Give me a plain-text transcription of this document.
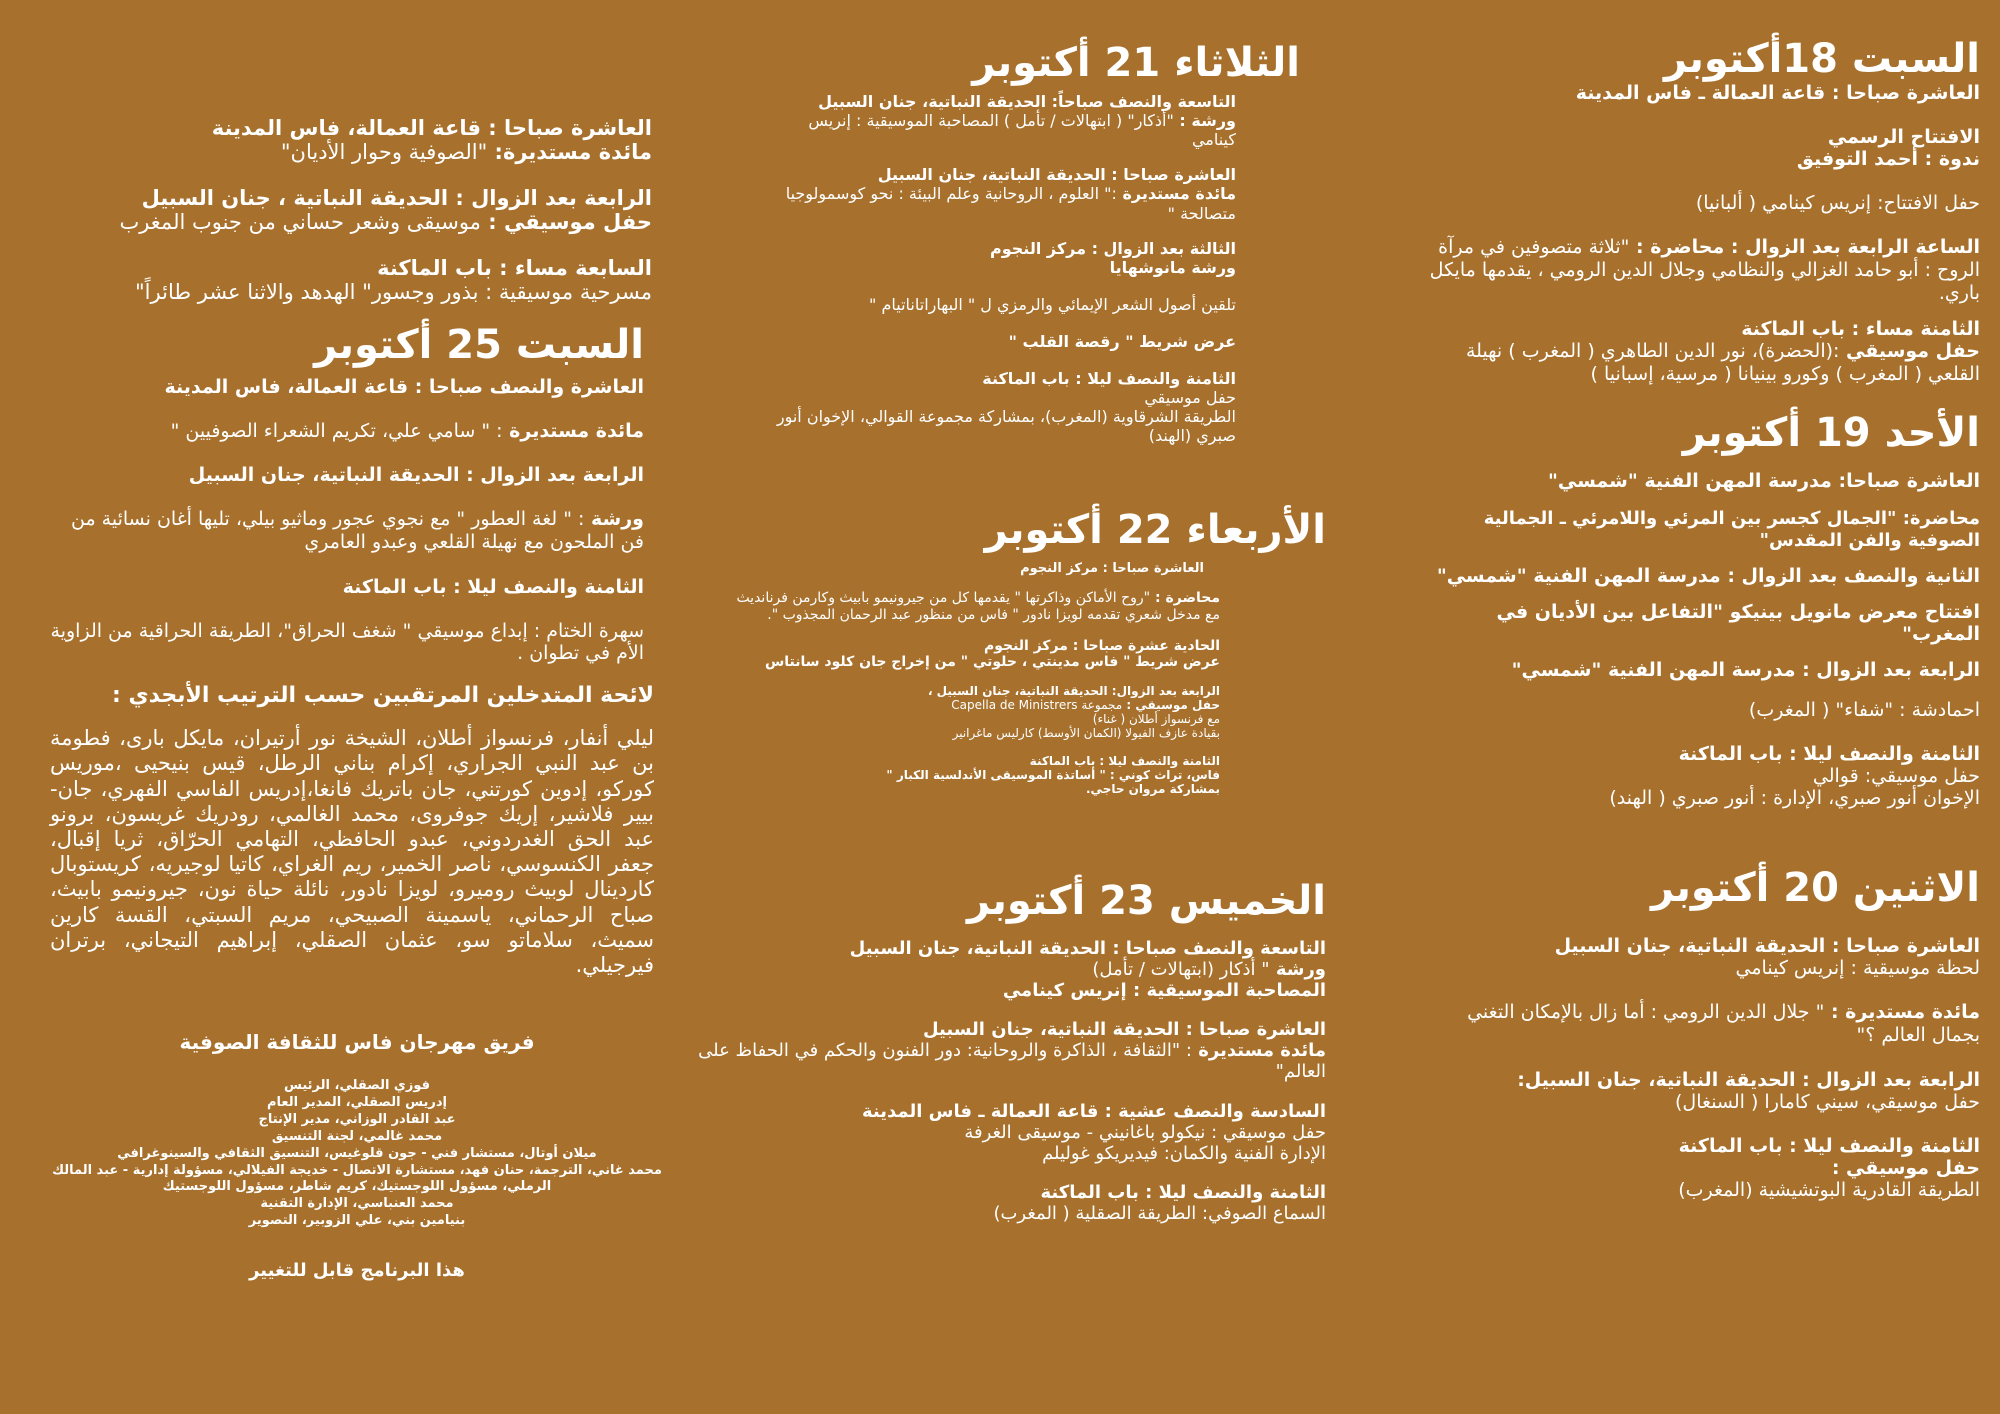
السبت 18أكتوبر

العاشرة صباحا : قاعة العمالة ـ فاس المدينة

الافتتاح الرسمي

ندوة : أحمد التوفيق

حفل الافتتاح: إنريس كينامي ( ألبانيا)

الساعة الرابعة بعد الزوال : محاضرة : "ثلاثة متصوفين في مرآة الروح : أبو حامد الغزالي والنظامي وجلال الدين الرومي ، يقدمها مايكل باري.

الثامنة مساء : باب الماكنة

حفل موسيقي :(الحضرة)، نور الدين الطاهري ( المغرب ) نهيلة القلعي ( المغرب ) وكورو بينيانا ( مرسية، إسبانيا )

الأحد 19 أكتوبر

العاشرة صباحا: مدرسة المهن الفنية "شمسي"

محاضرة: "الجمال كجسر بين المرئي واللامرئي ـ الجمالية الصوفية والفن المقدس"

الثانية والنصف بعد الزوال : مدرسة المهن الفنية "شمسي"

افتتاح معرض مانويل بينيكو "التفاعل بين الأديان في المغرب"

الرابعة بعد الزوال : مدرسة المهن الفنية "شمسي"

احمادشة : "شفاء" ( المغرب)

الثامنة والنصف ليلا : باب الماكنة

حفل موسيقي: قوالي

الإخوان أنور صبري، الإدارة : أنور صبري ( الهند)

الاثنين 20 أكتوبر

العاشرة صباحا : الحديقة النباتية، جنان السبيل

لحظة موسيقية : إنريس كينامي

مائدة مستديرة : " جلال الدين الرومي : أما زال بالإمكان التغني بجمال العالم ؟"

الرابعة بعد الزوال : الحديقة النباتية، جنان السبيل:

حفل موسيقي، سيني كامارا ( السنغال)

الثامنة والنصف ليلا : باب الماكنة

حفل موسيقي :

الطريقة القادرية البوتشيشية (المغرب)

الثلاثاء 21 أكتوبر

التاسعة والنصف صباحاً: الحديقة النباتية، جنان السبيل

ورشة : "أذكار" ( ابتهالات / تأمل ) المصاحبة الموسيقية : إنريس كينامي

العاشرة صباحا : الحديقة النباتية، جنان السبيل

مائدة مستديرة :" العلوم ، الروحانية وعلم البيئة : نحو كوسمولوجيا متصالحة "

الثالثة بعد الزوال : مركز النجوم

ورشة مانوشهايا

تلقين أصول الشعر الإيمائي والرمزي ل " البهاراتاناتيام "

عرض شريط " رقصة القلب "

الثامنة والنصف ليلا : باب الماكنة

حفل موسيقي

الطريقة الشرقاوية (المغرب)، بمشاركة مجموعة القوالي، الإخوان أنور صبري (الهند)

الأربعاء 22 أكتوبر

العاشرة صباحا : مركز النجوم

محاضرة : "روح الأماكن وذاكرتها " يقدمها كل من جيرونيمو بابيث وكارمن فرنانديث مع مدخل شعري تقدمه لويزا نادور " فاس من منظور عبد الرحمان المجذوب ".

الحادية عشرة صباحا : مركز النجوم

عرض شريط " فاس مدينتي ، حلوتي " من إخراج جان كلود سانتاس

الرابعة بعد الزوال: الحديقة النباتية، جنان السبيل ،

حفل موسيقي : مجموعة Capella de Ministrers

مع فرنسواز أطلان ( غناء)

بقيادة عازف الفيولا (الكمان الأوسط) كارليس ماغرانير

الثامنة والنصف ليلا : باب الماكنة

فاس، تراث كوني : " أساتذة الموسيقى الأندلسية الكبار "

بمشاركة مروان حاجي.

الخميس 23 أكتوبر

التاسعة والنصف صباحا : الحديقة النباتية، جنان السبيل

ورشة " أذكار (ابتهالات / تأمل)

المصاحبة الموسيقية : إنريس كينامي

العاشرة صباحا : الحديقة النباتية، جنان السبيل

مائدة مستديرة : "الثقافة ، الذاكرة والروحانية: دور الفنون والحكم في الحفاظ على العالم"

السادسة والنصف عشية : قاعة العمالة ـ فاس المدينة

حفل موسيقي : نيكولو باغانيني - موسيقى الغرفة

الإدارة الفنية والكمان: فيديريكو غوليلم

الثامنة والنصف ليلا : باب الماكنة

السماع الصوفي: الطريقة الصقلية ( المغرب)

العاشرة صباحا : قاعة العمالة، فاس المدينة

مائدة مستديرة: "الصوفية وحوار الأديان"

الرابعة بعد الزوال : الحديقة النباتية ، جنان السبيل

حفل موسيقي : موسيقى وشعر حساني من جنوب المغرب

السابعة مساء : باب الماكنة

مسرحية موسيقية : بذور وجسور" الهدهد والاثنا عشر طائراً"

السبت 25 أكتوبر

العاشرة والنصف صباحا : قاعة العمالة، فاس المدينة

مائدة مستديرة : " سامي علي، تكريم الشعراء الصوفيين "

الرابعة بعد الزوال : الحديقة النباتية، جنان السبيل

ورشة : " لغة العطور " مع نجوي عجور وماثيو بيلي، تليها أغان نسائية من فن الملحون مع نهيلة القلعي وعبدو العامري

الثامنة والنصف ليلا : باب الماكنة

سهرة الختام : إبداع موسيقي " شغف الحراق"، الطريقة الحراقية من الزاوية الأم في تطوان .

لائحة المتدخلين المرتقبين حسب الترتيب الأبجدي :

ليلي أنفار، فرنسواز أطلان، الشيخة نور أرتيران، مايكل بارى، فطومة بن عبد النبي الجراري، إكرام بناني الرطل، قيس بنيحيى ،موريس كوركو، إدوين كورتني، جان باتريك فانغا،إدريس الفاسي الفهري، جان-بيير فلاشير، إريك جوفروى، محمد الغالمي، رودريك غريسون، برونو عبد الحق الغدردوني، عبدو الحافظي، التهامي الحرّاق، ثريا إقبال، جعفر الكنسوسي، ناصر الخمير، ريم الغراي، كاتيا لوجيريه، كريستوبال كاردينال لوبيث روميرو، لويزا نادور، نائلة حياة نون، جيرونيمو بابيث، صباح الرحماني، ياسمينة الصبيحي، مريم السبتي، القسة كارين سميث، سلاماتو سو، عثمان الصقلي، إبراهيم التيجاني، برتران فيرجيلي.

فريق مهرجان فاس للثقافة الصوفية

فوزي الصقلي، الرئيس

إدريس الصقلي، المدير العام

عبد القادر الوزاني، مدير الإنتاج

محمد غالمي، لجنة التنسيق

ميلان أوتال، مستشار فني - جون قلوغيس، التنسيق الثقافي والسينوغرافي

محمد غاني، الترجمة، حنان فهد، مستشارة الاتصال - خديجة الفيلالي، مسؤولة إدارية - عبد المالك الرملي، مسؤول اللوجستيك، كريم شاطر، مسؤول اللوجستيك

محمد العنباسي، الإدارة التقنية

بنيامين بني، علي الزوبير، التصوير

هذا البرنامج قابل للتغيير
